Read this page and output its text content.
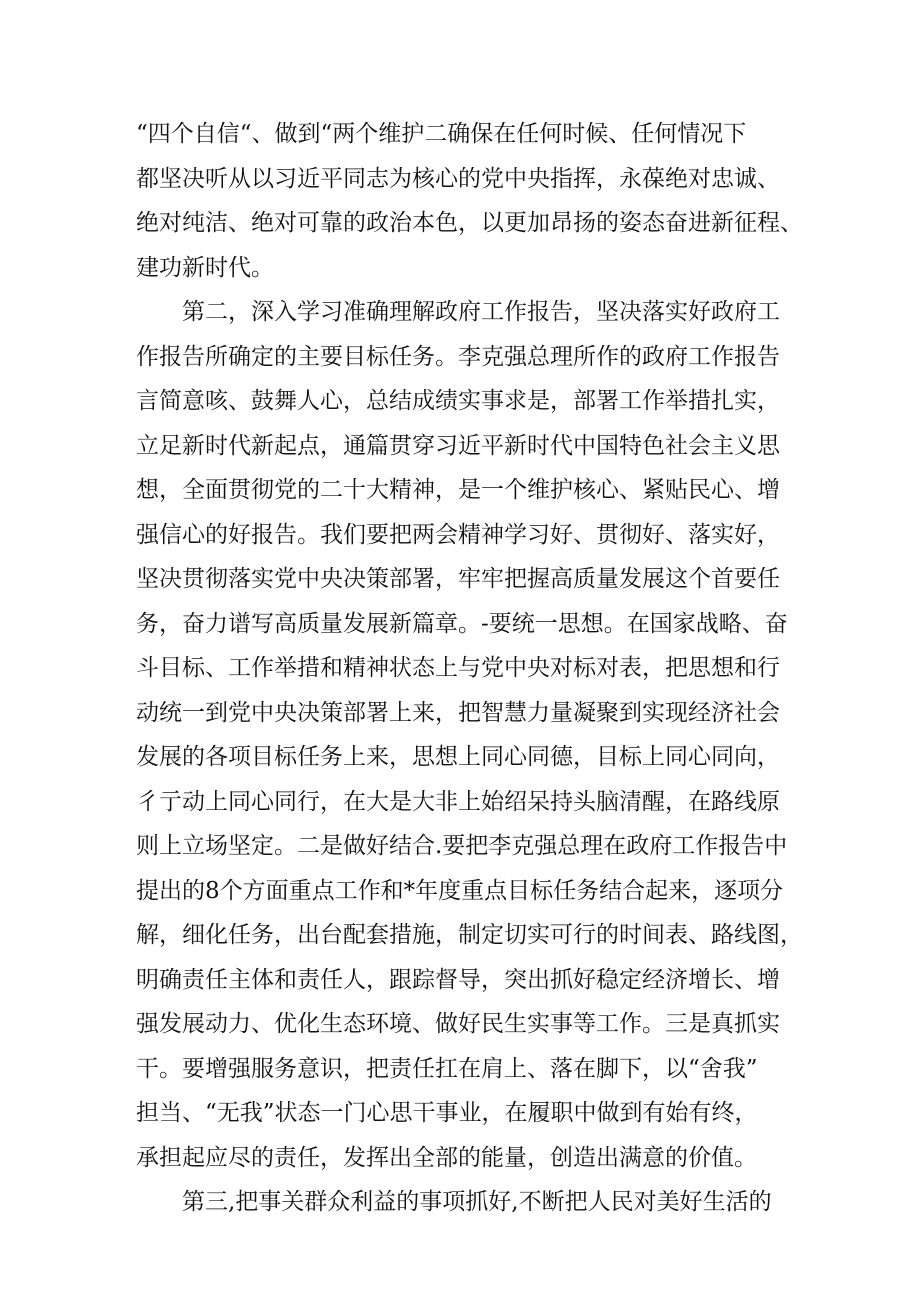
“四个自信“、做到“两个维护二确保在任何时候、任何情况下
都坚决听从以习近平同志为核心的党中央指挥，永葆绝对忠诚、
绝对纯洁、绝对可靠的政治本色，以更加昂扬的姿态奋进新征程、
建功新时代。
第二，深入学习准确理解政府工作报告，坚决落实好政府工
作报告所确定的主要目标任务。李克强总理所作的政府工作报告
言简意咳、鼓舞人心，总结成绩实事求是，部署工作举措扎实，
立足新时代新起点，通篇贯穿习近平新时代中国特色社会主义思
想，全面贯彻党的二十大精神，是一个维护核心、紧贴民心、增
强信心的好报告。我们要把两会精神学习好、贯彻好、落实好，
坚决贯彻落实党中央决策部署，牢牢把握高质量发展这个首要任
务，奋力谱写高质量发展新篇章。-要统一思想。在国家战略、奋
斗目标、工作举措和精神状态上与党中央对标对表，把思想和行
动统一到党中央决策部署上来，把智慧力量凝聚到实现经济社会
发展的各项目标任务上来，思想上同心同德，目标上同心同向，
彳亍动上同心同行，在大是大非上始绍呆持头脑清醒，在路线原
则上立场坚定。二是做好结合.要把李克强总理在政府工作报告中
提出的8个方面重点工作和*年度重点目标任务结合起来，逐项分
解，细化任务，出台配套措施，制定切实可行的时间表、路线图，
明确责任主体和责任人，跟踪督导，突出抓好稳定经济增长、增
强发展动力、优化生态环境、做好民生实事等工作。三是真抓实
干。要增强服务意识，把责任扛在肩上、落在脚下，以“舍我”
担当、“无我”状态一门心思干事业，在履职中做到有始有终，
承担起应尽的责任，发挥出全部的能量，创造出满意的价值。
第三,把事关群众利益的事项抓好,不断把人民对美好生活的
